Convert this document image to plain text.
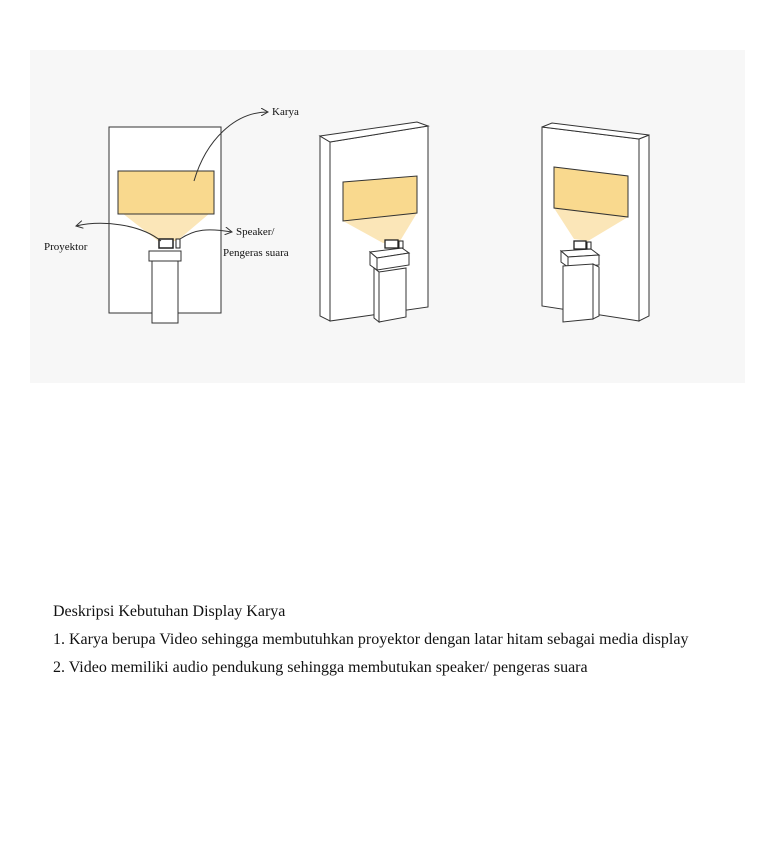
Karya
Proyektor
Speaker/
Pengeras suara

Deskripsi Kebutuhan Display Karya

1. Karya berupa Video sehingga membutuhkan proyektor dengan latar hitam sebagai media display

2. Video memiliki audio pendukung sehingga membutukan speaker/ pengeras suara
